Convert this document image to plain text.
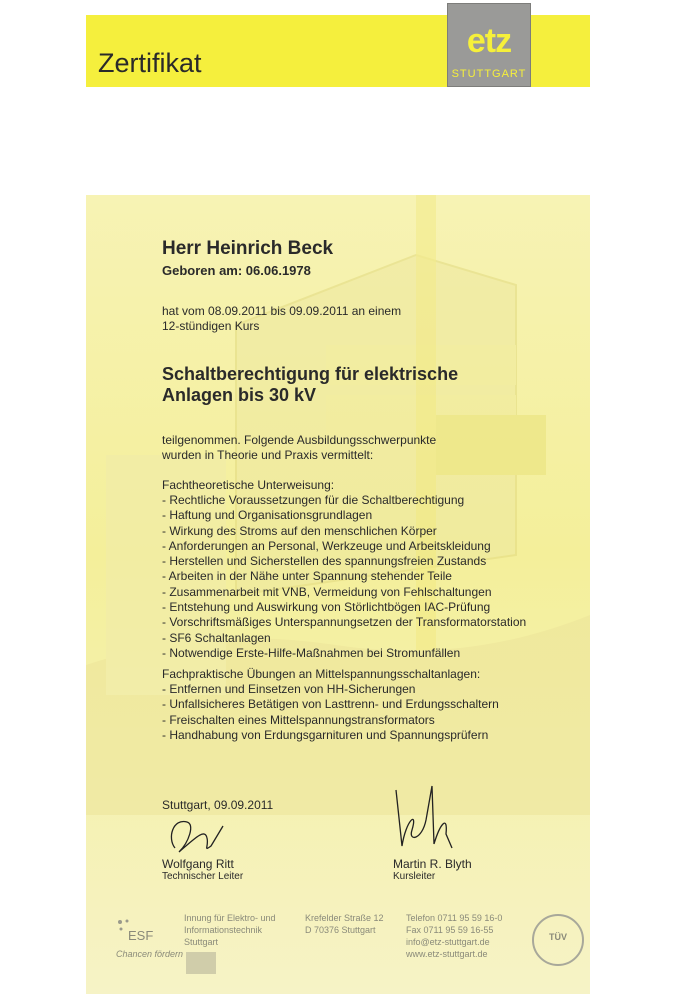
Zertifikat
etz
STUTTGART
Herr Heinrich Beck
Geboren am: 06.06.1978
hat vom 08.09.2011 bis 09.09.2011 an einem
12-stündigen Kurs
Schaltberechtigung für elektrische
Anlagen bis 30 kV
teilgenommen. Folgende Ausbildungsschwerpunkte
wurden in Theorie und Praxis vermittelt:
Fachtheoretische Unterweisung:
- Rechtliche Voraussetzungen für die Schaltberechtigung
- Haftung und Organisationsgrundlagen
- Wirkung des Stroms auf den menschlichen Körper
- Anforderungen an Personal, Werkzeuge und Arbeitskleidung
- Herstellen und Sicherstellen des spannungsfreien Zustands
- Arbeiten in der Nähe unter Spannung stehender Teile
- Zusammenarbeit mit VNB, Vermeidung von Fehlschaltungen
- Entstehung und Auswirkung von Störlichtbögen IAC-Prüfung
- Vorschriftsmäßiges Unterspannungsetzen der Transformatorstation
- SF6 Schaltanlagen
- Notwendige Erste-Hilfe-Maßnahmen bei Stromunfällen
Fachpraktische Übungen an Mittelspannungsschaltanlagen:
- Entfernen und Einsetzen von HH-Sicherungen
- Unfallsicheres Betätigen von Lasttrenn- und Erdungsschaltern
- Freischalten eines Mittelspannungstransformators
- Handhabung von Erdungsgarnituren und Spannungsprüfern
Stuttgart, 09.09.2011
Wolfgang Ritt
Technischer Leiter
Martin R. Blyth
Kursleiter
ESF
Chancen fördern
Innung für Elektro- und
Informationstechnik
Stuttgart
Krefelder Straße 12
D 70376 Stuttgart
Telefon 0711 95 59 16-0
Fax 0711 95 59 16-55
info@etz-stuttgart.de
www.etz-stuttgart.de
TÜV
